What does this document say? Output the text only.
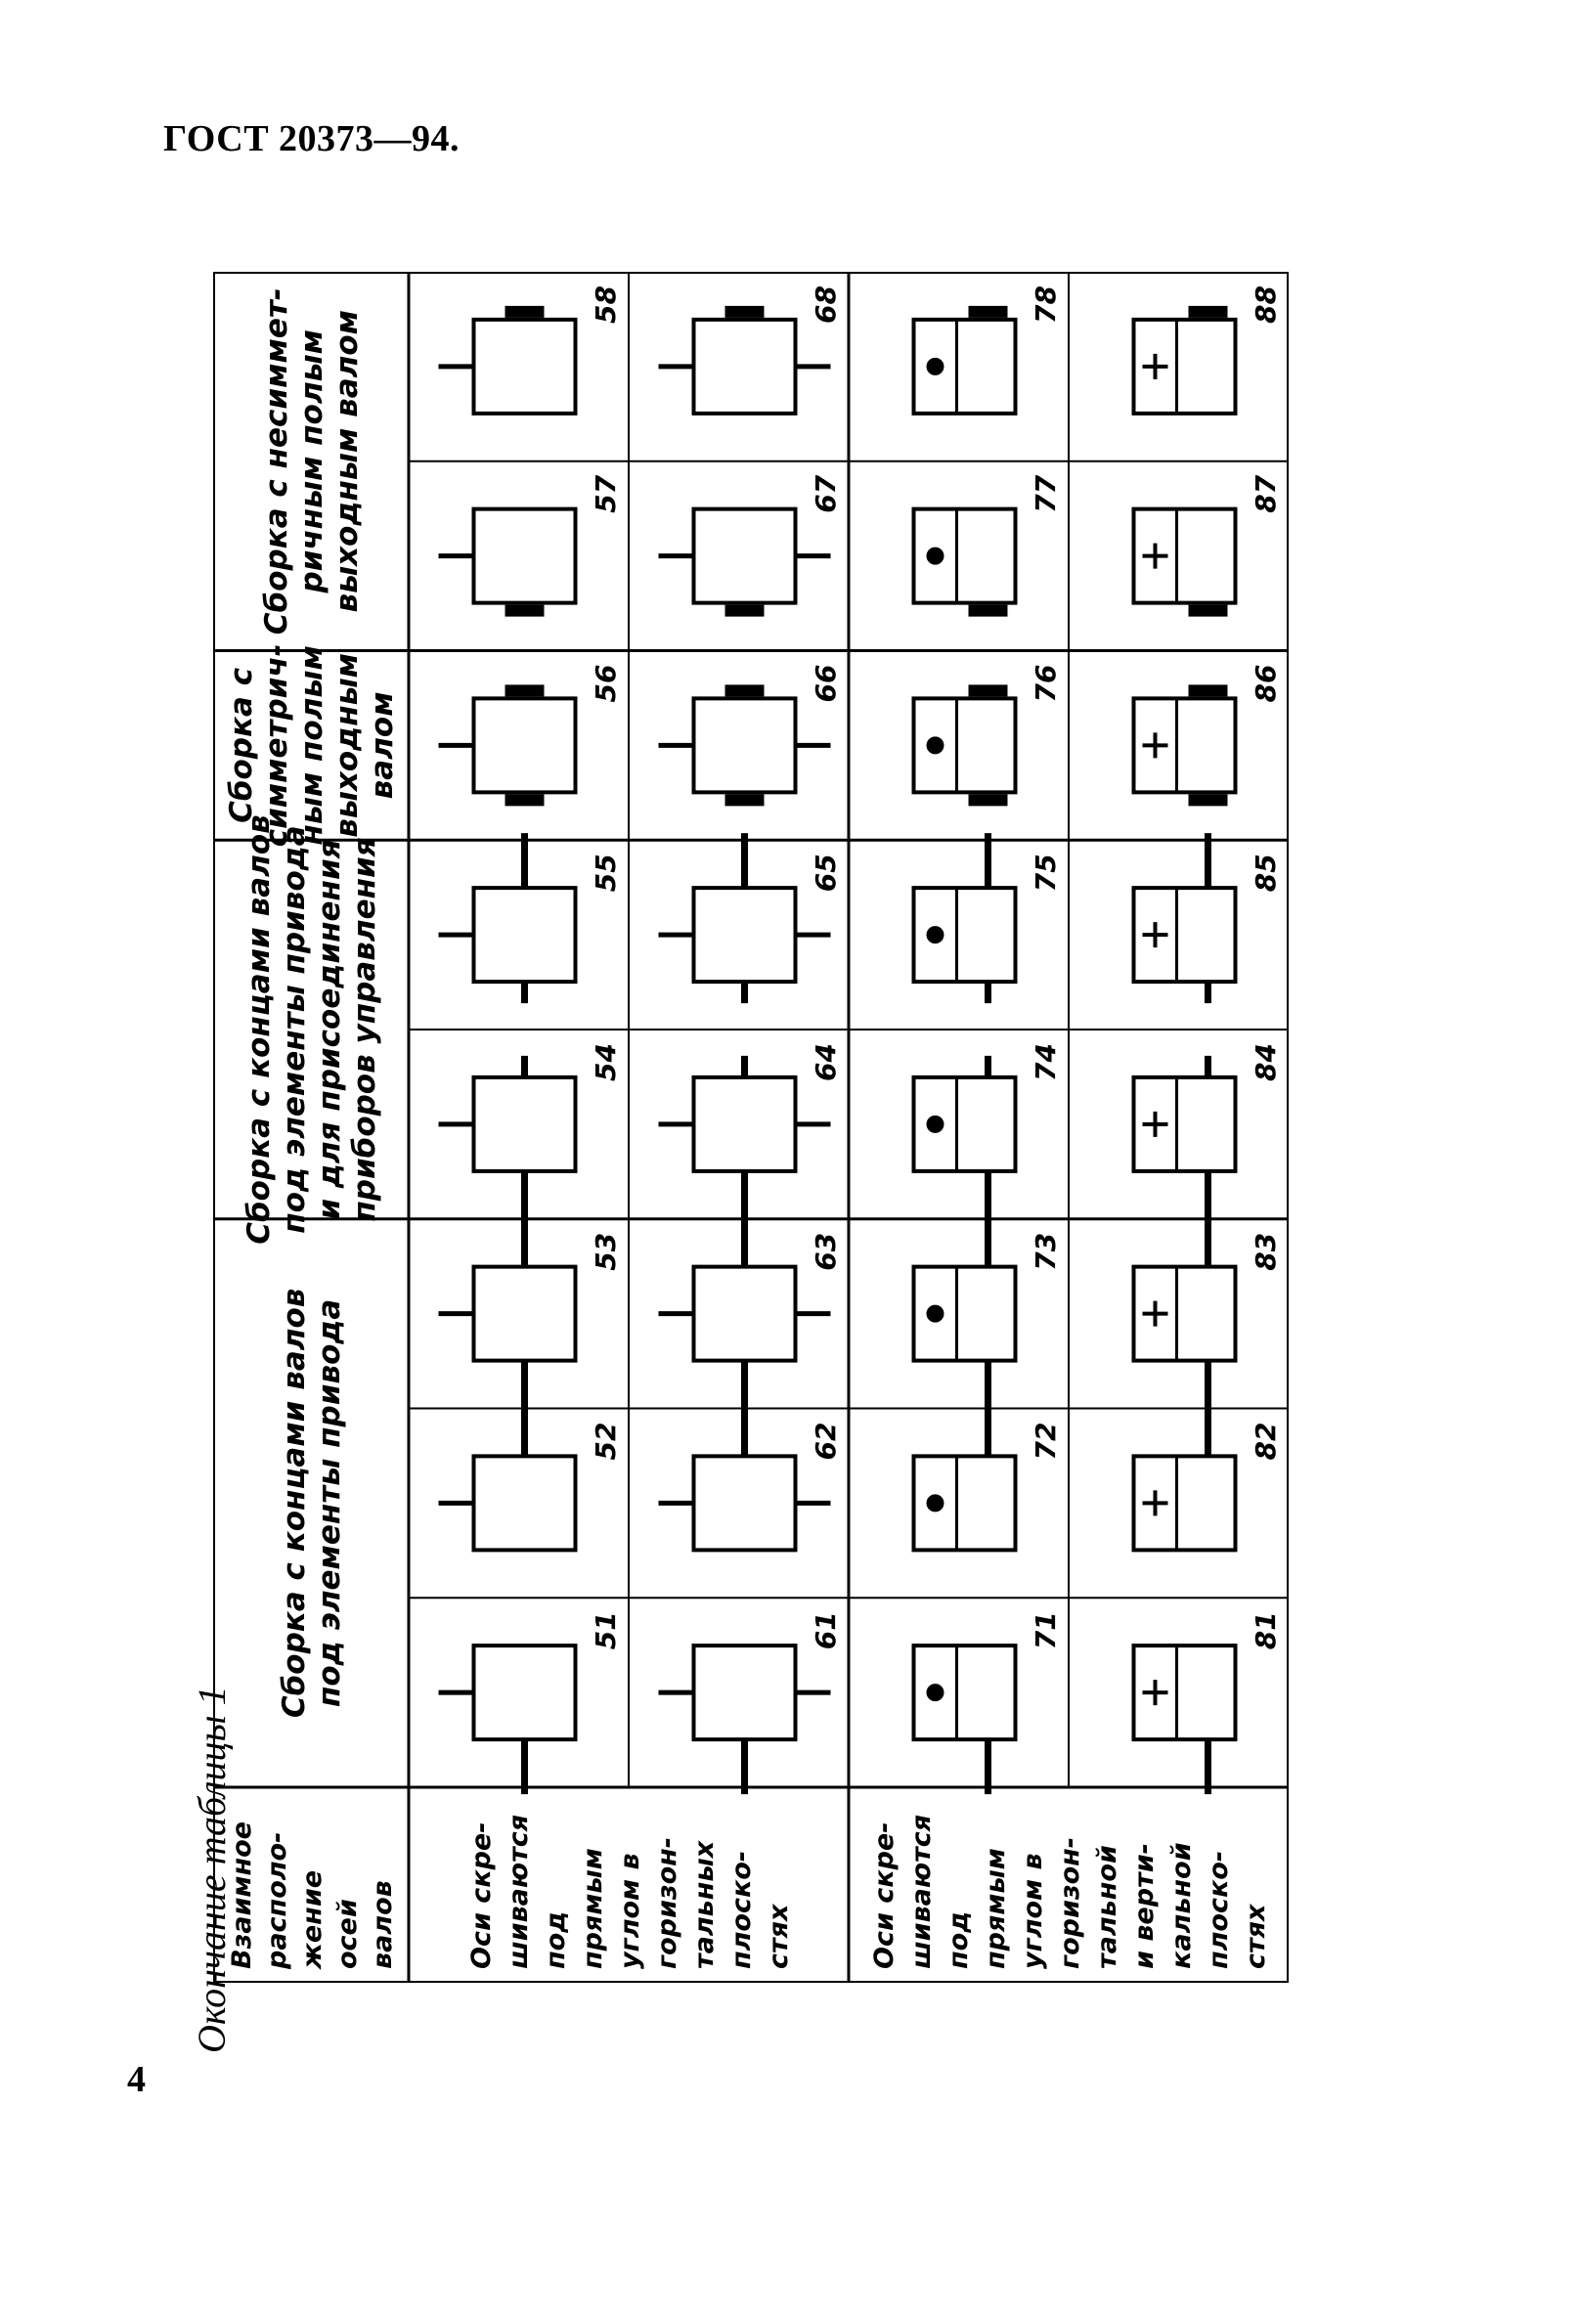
ГОСТ 20373—94.
4
Окончание таблицы 1
Взаимное располо- жение осей валов
Сборка с концами валов под элементы привода
Сборка с концами валов под элементы привода и для присоединения приборов управления
Сборка с симметрич- ным полым выходным валом
Сборка с несиммет- ричным полым выходным валом
Оси скре- шиваются под прямым углом в горизон- тальных плоско- стях	Оси скре- шиваются под прямым углом в горизон- тальной и верти- кальной плоско- стях
51
52
53
54
55
56
57
58
61
62
63
64
65
66
67
68
71
72
73
74
75
76
77
78
81
82
83
84
85
86
87
88
